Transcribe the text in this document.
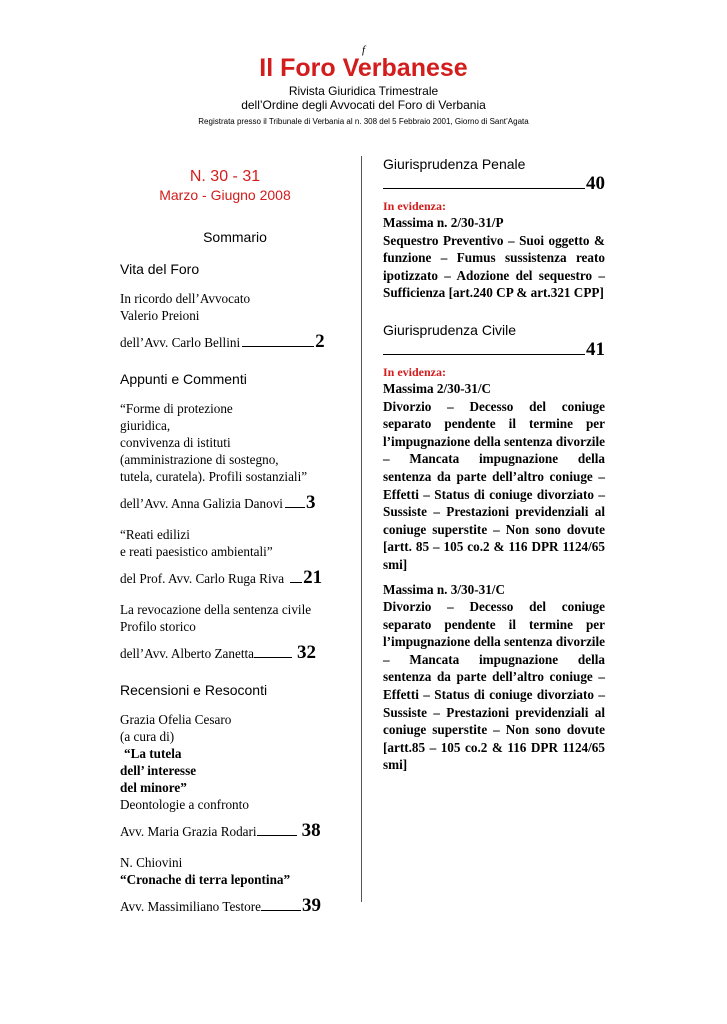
f
Il Foro Verbanese
Rivista Giuridica Trimestrale
dell’Ordine degli Avvocati del Foro di Verbania
Registrata presso il Tribunale di Verbania al n. 308 del 5 Febbraio 2001, Giorno di Sant’Agata
N. 30 - 31
Marzo - Giugno 2008
Sommario
Vita del Foro
In ricordo dell’Avvocato
Valerio Preioni
dell’Avv. Carlo Bellini	2
Appunti e Commenti
“Forme di protezione
giuridica,
convivenza di istituti
(amministrazione di sostegno,
tutela, curatela). Profili sostanziali”
dell’Avv. Anna Galizia Danovi 3
“Reati edilizi
e reati paesistico ambientali”
del Prof. Avv. Carlo Ruga Riva 21
La revocazione della sentenza civile
Profilo storico
dell’Avv. Alberto Zanetta 32
Recensioni e Resoconti
Grazia Ofelia Cesaro
(a cura di)
“La tutela
dell’ interesse
del minore”
Deontologie a confronto
Avv. Maria Grazia Rodari 38
N. Chiovini
“Cronache di terra lepontina”
Avv. Massimiliano Testore 39
Giurisprudenza Penale
40
In evidenza:
Massima n. 2/30-31/P
Sequestro Preventivo – Suoi oggetto & funzione – Fumus sussistenza reato ipotizzato – Adozione del sequestro – Sufficienza [art.240 CP & art.321 CPP]
Giurisprudenza Civile
41
In evidenza:
Massima 2/30-31/C
Divorzio – Decesso del coniuge separato pendente il termine per l’impugnazione della sentenza divorzile – Mancata impugnazione della sentenza da parte dell’altro coniuge – Effetti – Status di coniuge divorziato – Sussiste – Prestazioni previdenziali al coniuge superstite – Non sono dovute [artt. 85 – 105 co.2 & 116 DPR 1124/65 smi]
Massima n. 3/30-31/C
Divorzio – Decesso del coniuge separato pendente il termine per l’impugnazione della sentenza divorzile – Mancata impugnazione della sentenza da parte dell’altro coniuge – Effetti – Status di coniuge divorziato – Sussiste – Prestazioni previdenziali al coniuge superstite – Non sono dovute [artt.85 – 105 co.2 & 116 DPR 1124/65 smi]
